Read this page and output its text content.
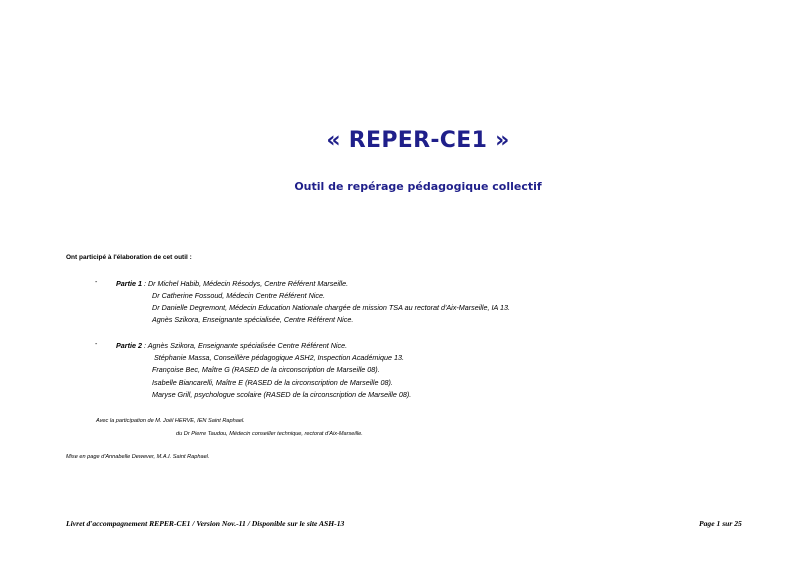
« REPER-CE1 »
Outil de repérage pédagogique collectif
Ont participé à l'élaboration de cet outil :
-	Partie 1 : Dr Michel Habib, Médecin Résodys, Centre Référent Marseille.
Dr Catherine Fossoud, Médecin Centre Référent Nice.
Dr Danielle Degremont, Médecin Education Nationale chargée de mission TSA au rectorat d'Aix-Marseille, IA 13.
Agnès Szikora, Enseignante spécialisée, Centre Référent Nice.
-	Partie 2 : Agnès Szikora, Enseignante spécialisée Centre Référent Nice.
Stéphanie Massa, Conseillère pédagogique ASH2, Inspection Académique 13.
Françoise Bec, Maître G (RASED de la circonscription de Marseille 08).
Isabelle Biancarelli, Maître E (RASED de la circonscription de Marseille 08).
Maryse Grill, psychologue scolaire (RASED de la circonscription de Marseille 08).
Avec la participation de M. Joël HERVE, IEN Saint Raphael.
du Dr Pierre Taudou, Médecin conseiller technique, rectorat d'Aix-Marseille.
Mise en page d'Annabelle Dewever, M.A.I. Saint Raphael.
Livret d'accompagnement REPER-CE1 / Version Nov.-11 / Disponible sur le site ASH-13	Page 1 sur 25
